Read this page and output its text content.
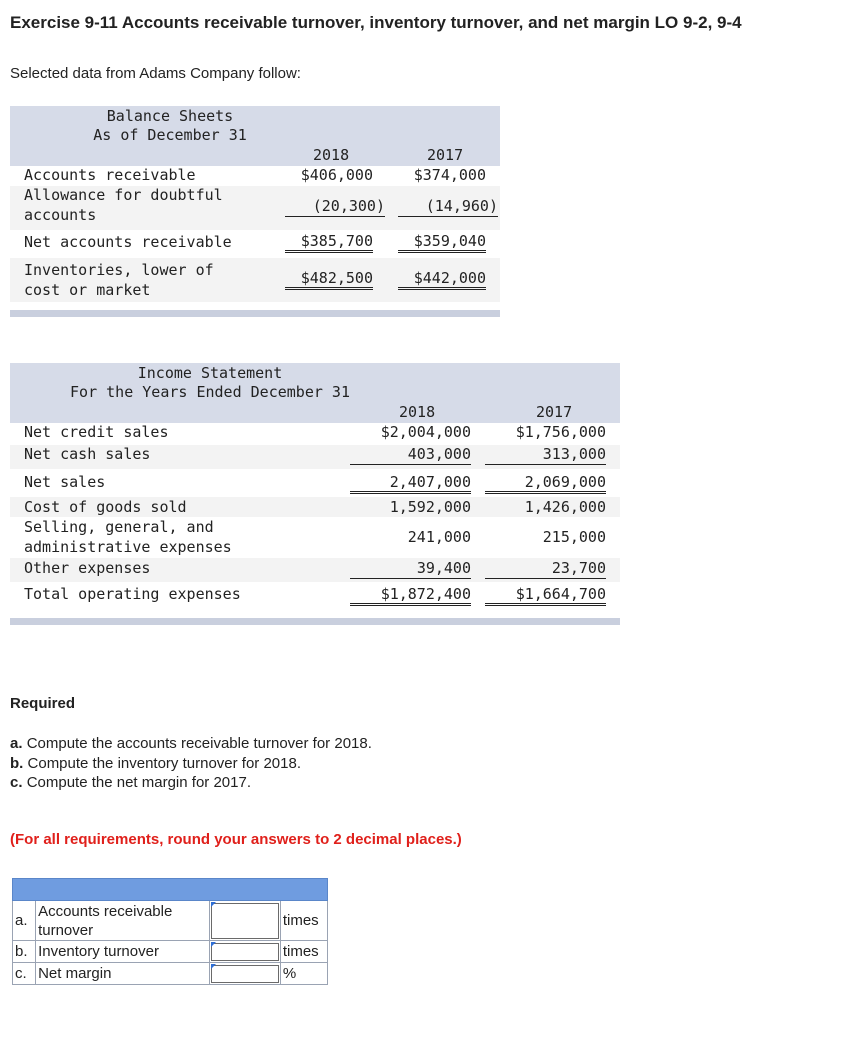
Exercise 9-11 Accounts receivable turnover, inventory turnover, and net margin LO 9-2, 9-4
Selected data from Adams Company follow:
Balance Sheets
As of December 31
2018	2017
Accounts receivable	$406,000	$374,000
Allowance for doubtful
accounts	(20,300)	(14,960)
Net accounts receivable	$385,700	$359,040
Inventories, lower of
cost or market
$482,500	$442,000
Income Statement
For the Years Ended December 31
2018	2017
Net credit sales	$2,004,000	$1,756,000
Net cash sales	403,000	313,000
Net sales	2,407,000	2,069,000
Cost of goods sold	1,592,000	1,426,000
Selling, general, and
administrative expenses
241,000	215,000
Other expenses	39,400	23,700
Total operating expenses	$1,872,400	$1,664,700
Required
a. Compute the accounts receivable turnover for 2018.
b. Compute the inventory turnover for 2018.
c. Compute the net margin for 2017.
(For all requirements, round your answers to 2 decimal places.)

a.	Accounts receivable
turnover		times
b.	Inventory turnover		times
c.	Net margin		%
